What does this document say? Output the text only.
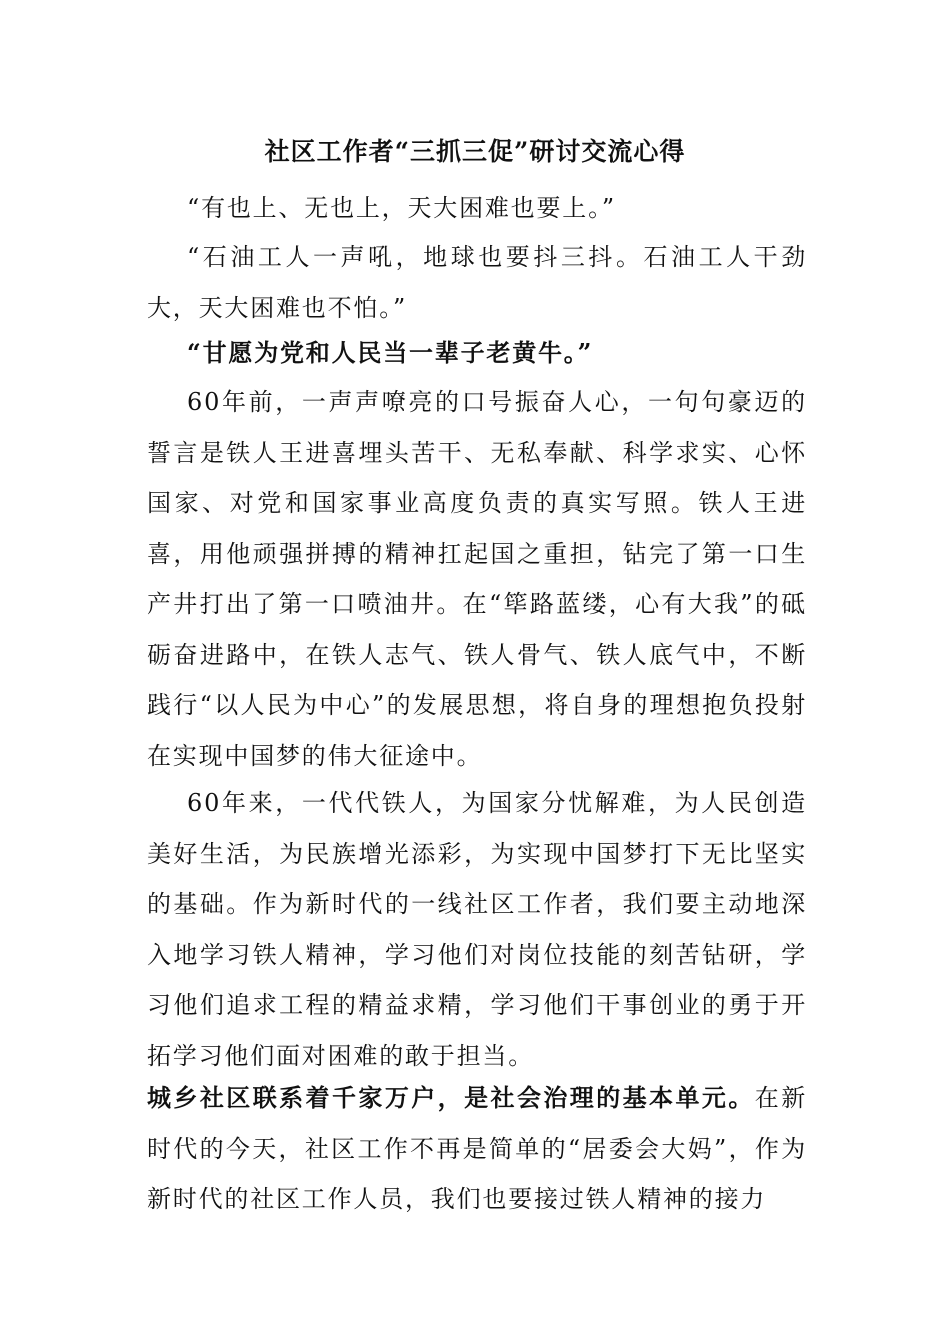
社区工作者“三抓三促”研讨交流心得
“有也上、无也上，天大困难也要上。”
“石油工人一声吼，地球也要抖三抖。石油工人干劲大，天大困难也不怕。”
“甘愿为党和人民当一辈子老黄牛。”
60年前，一声声嘹亮的口号振奋人心，一句句豪迈的誓言是铁人王进喜埋头苦干、无私奉献、科学求实、心怀国家、对党和国家事业高度负责的真实写照。铁人王进喜，用他顽强拼搏的精神扛起国之重担，钻完了第一口生产井打出了第一口喷油井。在“筚路蓝缕，心有大我”的砥砺奋进路中，在铁人志气、铁人骨气、铁人底气中，不断践行“以人民为中心”的发展思想，将自身的理想抱负投射在实现中国梦的伟大征途中。
60年来，一代代铁人，为国家分忧解难，为人民创造美好生活，为民族增光添彩，为实现中国梦打下无比坚实的基础。作为新时代的一线社区工作者，我们要主动地深入地学习铁人精神，学习他们对岗位技能的刻苦钻研，学习他们追求工程的精益求精，学习他们干事创业的勇于开拓学习他们面对困难的敢于担当。
城乡社区联系着千家万户，是社会治理的基本单元。在新时代的今天，社区工作不再是简单的“居委会大妈”，作为新时代的社区工作人员，我们也要接过铁人精神的接力
